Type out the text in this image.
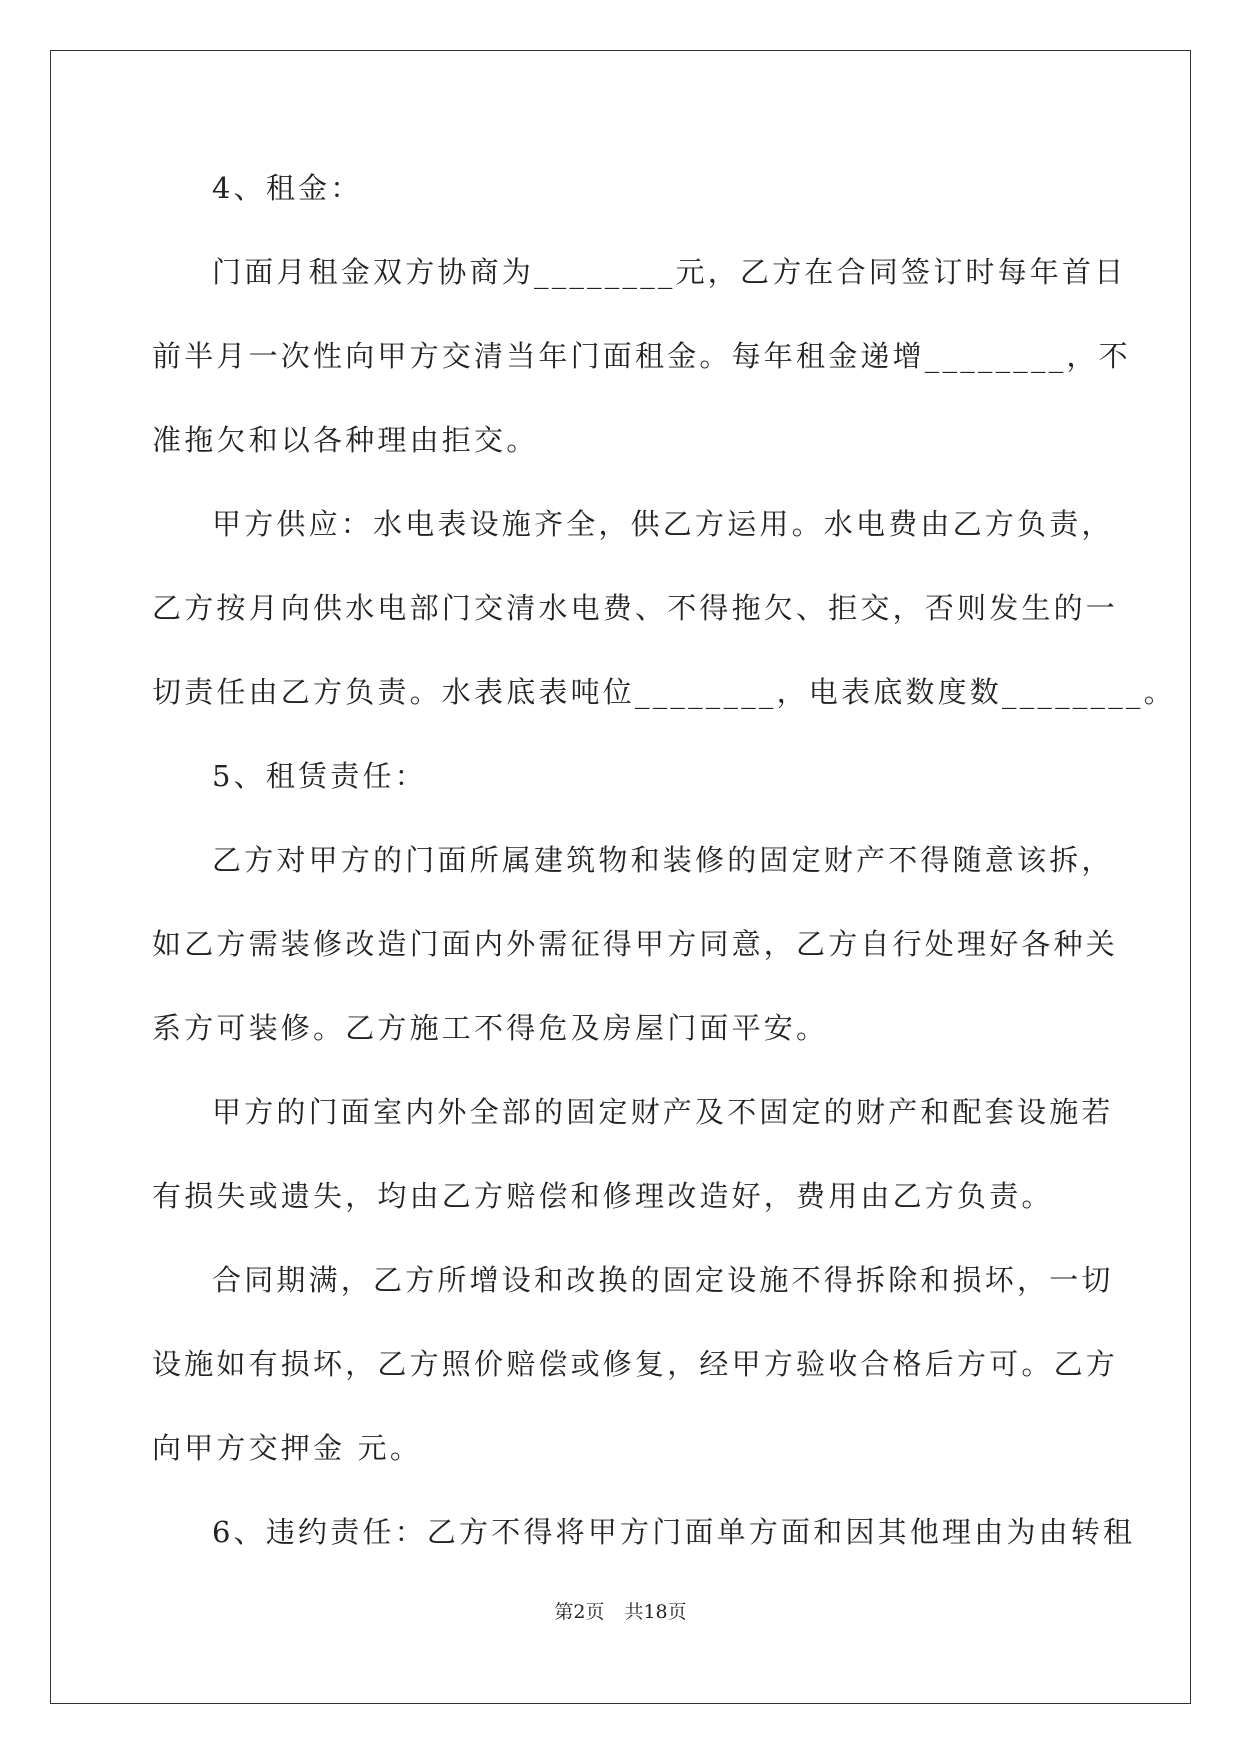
4、租金：
门面月租金双方协商为________元，乙方在合同签订时每年首日
前半月一次性向甲方交清当年门面租金。每年租金递增________，不
准拖欠和以各种理由拒交。
甲方供应：水电表设施齐全，供乙方运用。水电费由乙方负责，
乙方按月向供水电部门交清水电费、不得拖欠、拒交，否则发生的一
切责任由乙方负责。水表底表吨位________，电表底数度数________。
5、租赁责任：
乙方对甲方的门面所属建筑物和装修的固定财产不得随意该拆，
如乙方需装修改造门面内外需征得甲方同意，乙方自行处理好各种关
系方可装修。乙方施工不得危及房屋门面平安。
甲方的门面室内外全部的固定财产及不固定的财产和配套设施若
有损失或遗失，均由乙方赔偿和修理改造好，费用由乙方负责。
合同期满，乙方所增设和改换的固定设施不得拆除和损坏，一切
设施如有损坏，乙方照价赔偿或修复，经甲方验收合格后方可。乙方
向甲方交押金 元。
6、违约责任：乙方不得将甲方门面单方面和因其他理由为由转租
第2页 共18页
